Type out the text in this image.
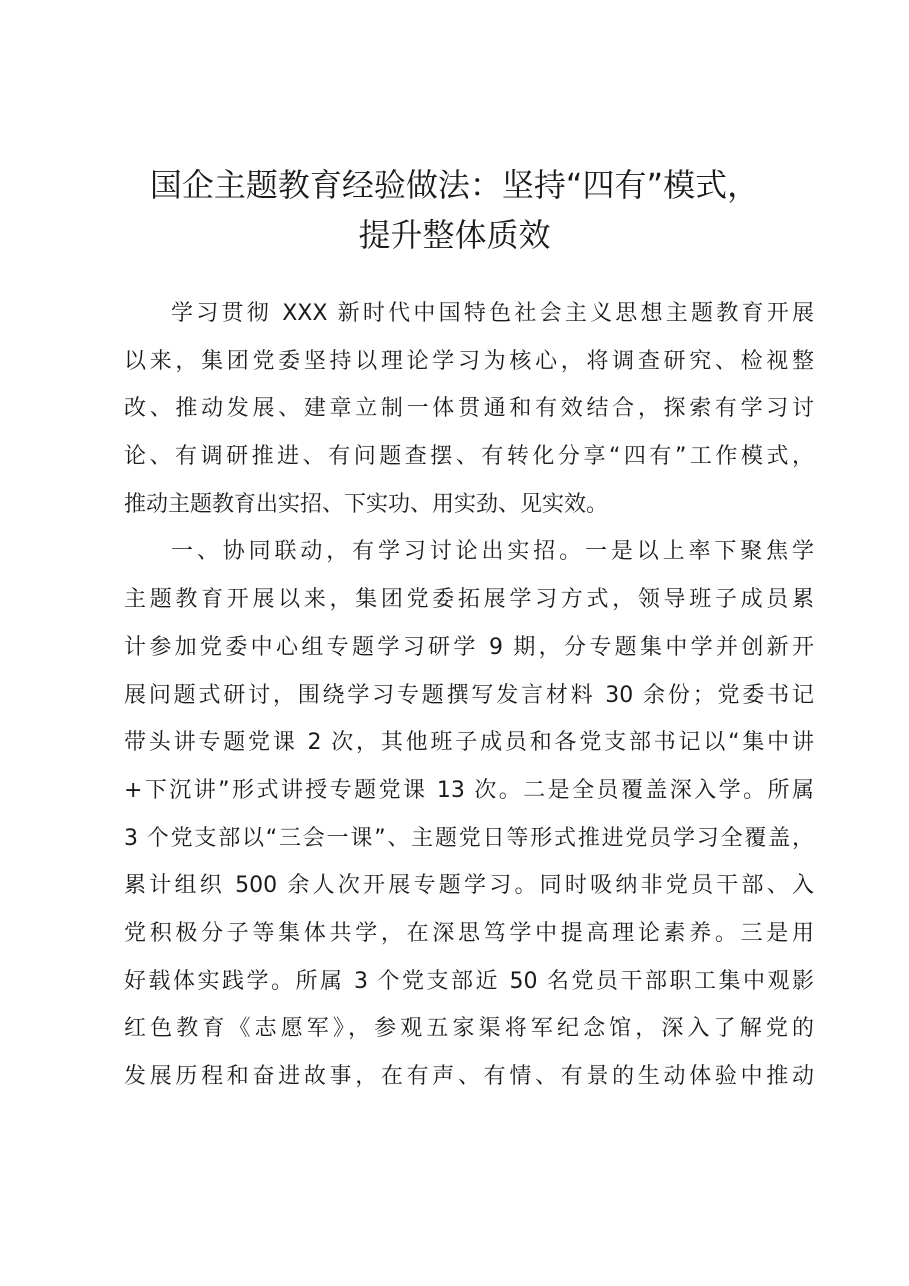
国企主题教育经验做法：坚持“四有”模式，
提升整体质效
学习贯彻 XXX 新时代中国特色社会主义思想主题教育开展
以来，集团党委坚持以理论学习为核心，将调查研究、检视整
改、推动发展、建章立制一体贯通和有效结合，探索有学习讨
论、有调研推进、有问题查摆、有转化分享“四有”工作模式，
推动主题教育出实招、下实功、用实劲、见实效。
一、协同联动，有学习讨论出实招。一是以上率下聚焦学
主题教育开展以来，集团党委拓展学习方式，领导班子成员累
计参加党委中心组专题学习研学 9 期，分专题集中学并创新开
展问题式研讨，围绕学习专题撰写发言材料 30 余份；党委书记
带头讲专题党课 2 次，其他班子成员和各党支部书记以“集中讲
+下沉讲”形式讲授专题党课 13 次。二是全员覆盖深入学。所属
3 个党支部以“三会一课”、主题党日等形式推进党员学习全覆盖，
累计组织 500 余人次开展专题学习。同时吸纳非党员干部、入
党积极分子等集体共学，在深思笃学中提高理论素养。三是用
好载体实践学。所属 3 个党支部近 50 名党员干部职工集中观影
红色教育《志愿军》，参观五家渠将军纪念馆，深入了解党的
发展历程和奋进故事，在有声、有情、有景的生动体验中推动
